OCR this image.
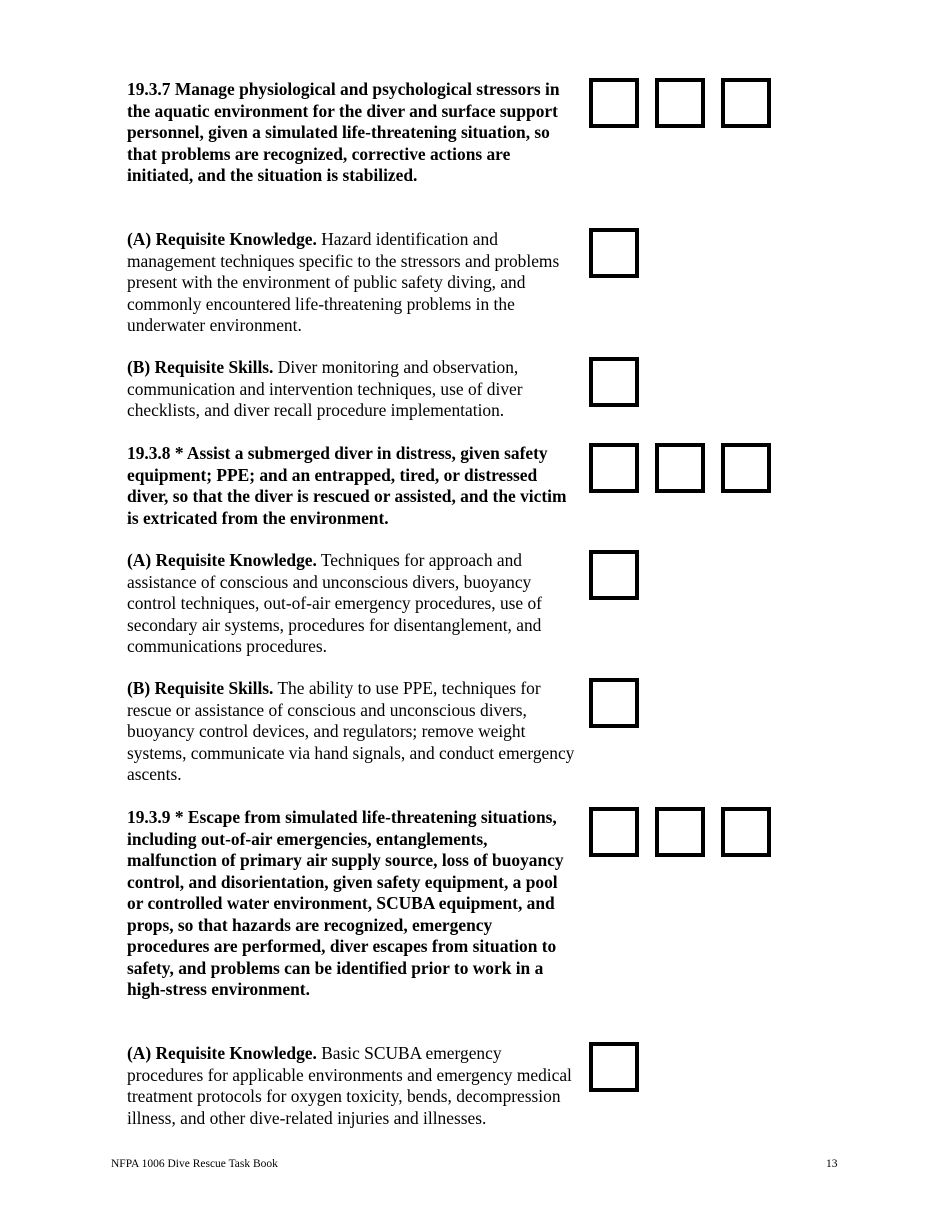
19.3.7 Manage physiological and psychological stressors in the aquatic environment for the diver and surface support personnel, given a simulated life-threatening situation, so that problems are recognized, corrective actions are initiated, and the situation is stabilized.

(A) Requisite Knowledge. Hazard identification and management techniques specific to the stressors and problems present with the environment of public safety diving, and commonly encountered life-threatening problems in the underwater environment.

(B) Requisite Skills. Diver monitoring and observation, communication and intervention techniques, use of diver checklists, and diver recall procedure implementation.

19.3.8 * Assist a submerged diver in distress, given safety equipment; PPE; and an entrapped, tired, or distressed diver, so that the diver is rescued or assisted, and the victim is extricated from the environment.

(A) Requisite Knowledge. Techniques for approach and assistance of conscious and unconscious divers, buoyancy control techniques, out-of-air emergency procedures, use of secondary air systems, procedures for disentanglement, and communications procedures.

(B) Requisite Skills. The ability to use PPE, techniques for rescue or assistance of conscious and unconscious divers, buoyancy control devices, and regulators; remove weight systems, communicate via hand signals, and conduct emergency ascents.

19.3.9 * Escape from simulated life-threatening situations, including out-of-air emergencies, entanglements, malfunction of primary air supply source, loss of buoyancy control, and disorientation, given safety equipment, a pool or controlled water environment, SCUBA equipment, and props, so that hazards are recognized, emergency procedures are performed, diver escapes from situation to safety, and problems can be identified prior to work in a high-stress environment.

(A) Requisite Knowledge. Basic SCUBA emergency procedures for applicable environments and emergency medical treatment protocols for oxygen toxicity, bends, decompression illness, and other dive-related injuries and illnesses.

NFPA 1006 Dive Rescue Task Book	13
